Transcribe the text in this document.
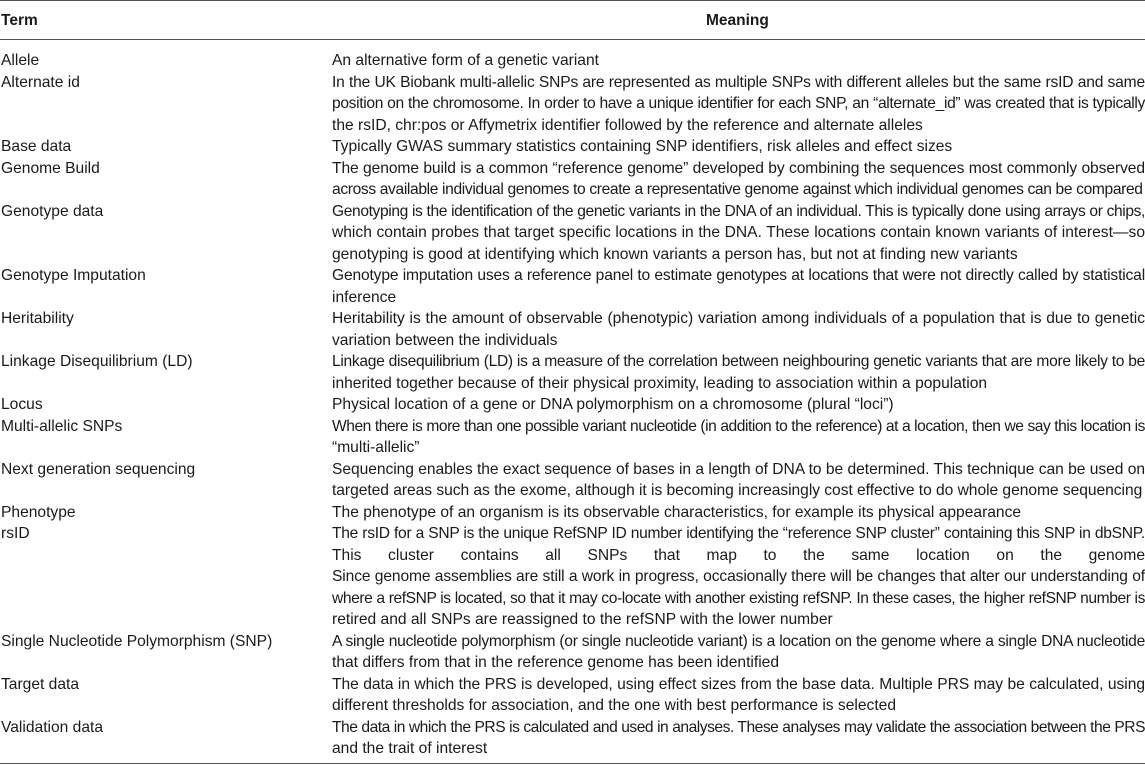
Term	Meaning
Allele	An alternative form of a genetic variant
Alternate id	In the UK Biobank multi-allelic SNPs are represented as multiple SNPs with different alleles but the same rsID and same
position on the chromosome. In order to have a unique identifier for each SNP, an “alternate_id” was created that is typically
the rsID, chr:pos or Affymetrix identifier followed by the reference and alternate alleles
Base data	Typically GWAS summary statistics containing SNP identifiers, risk alleles and effect sizes
Genome Build	The genome build is a common “reference genome” developed by combining the sequences most commonly observed
across available individual genomes to create a representative genome against which individual genomes can be compared
Genotype data	Genotyping is the identification of the genetic variants in the DNA of an individual. This is typically done using arrays or chips,
which contain probes that target specific locations in the DNA. These locations contain known variants of interest—so
genotyping is good at identifying which known variants a person has, but not at finding new variants
Genotype Imputation	Genotype imputation uses a reference panel to estimate genotypes at locations that were not directly called by statistical
inference
Heritability	Heritability is the amount of observable (phenotypic) variation among individuals of a population that is due to genetic
variation between the individuals
Linkage Disequilibrium (LD)	Linkage disequilibrium (LD) is a measure of the correlation between neighbouring genetic variants that are more likely to be
inherited together because of their physical proximity, leading to association within a population
Locus	Physical location of a gene or DNA polymorphism on a chromosome (plural “loci”)
Multi-allelic SNPs	When there is more than one possible variant nucleotide (in addition to the reference) at a location, then we say this location is
“multi-allelic”
Next generation sequencing	Sequencing enables the exact sequence of bases in a length of DNA to be determined. This technique can be used on
targeted areas such as the exome, although it is becoming increasingly cost effective to do whole genome sequencing
Phenotype	The phenotype of an organism is its observable characteristics, for example its physical appearance
rsID	The rsID for a SNP is the unique RefSNP ID number identifying the “reference SNP cluster” containing this SNP in dbSNP.
This cluster contains all SNPs that map to the same location on the genome
Since genome assemblies are still a work in progress, occasionally there will be changes that alter our understanding of
where a refSNP is located, so that it may co-locate with another existing refSNP. In these cases, the higher refSNP number is
retired and all SNPs are reassigned to the refSNP with the lower number
Single Nucleotide Polymorphism (SNP)	A single nucleotide polymorphism (or single nucleotide variant) is a location on the genome where a single DNA nucleotide
that differs from that in the reference genome has been identified
Target data	The data in which the PRS is developed, using effect sizes from the base data. Multiple PRS may be calculated, using
different thresholds for association, and the one with best performance is selected
Validation data	The data in which the PRS is calculated and used in analyses. These analyses may validate the association between the PRS
and the trait of interest
